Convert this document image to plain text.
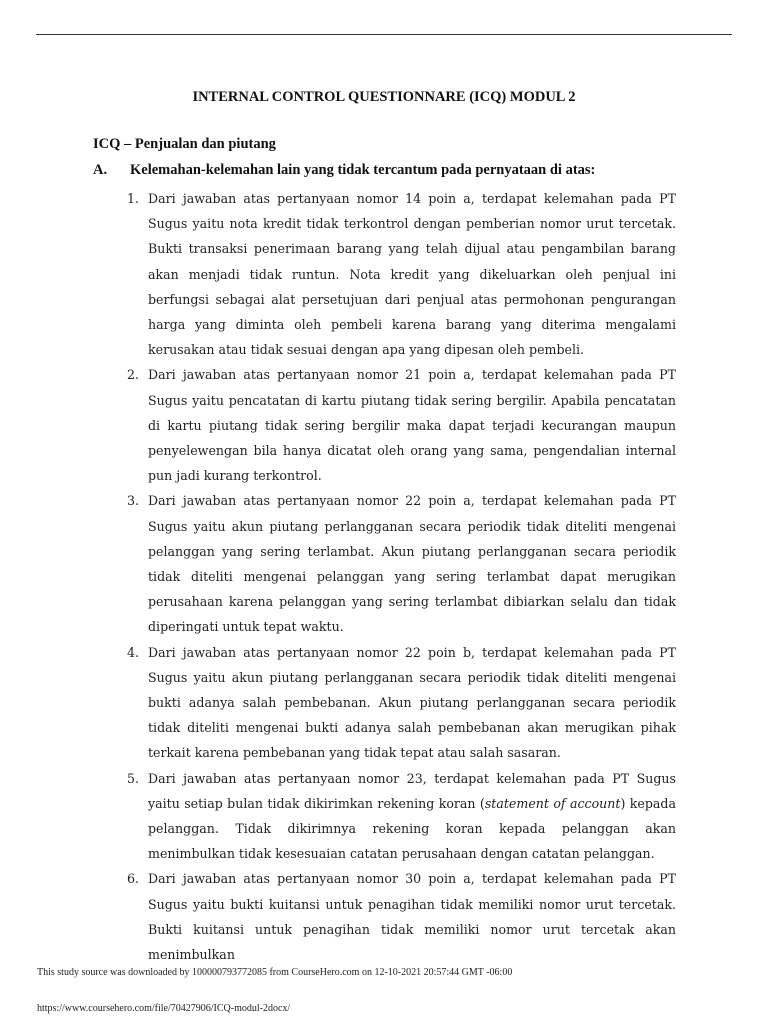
INTERNAL CONTROL QUESTIONNARE (ICQ) MODUL 2
ICQ – Penjualan dan piutang
A. Kelemahan-kelemahan lain yang tidak tercantum pada pernyataan di atas:
1. Dari jawaban atas pertanyaan nomor 14 poin a, terdapat kelemahan pada PT Sugus yaitu nota kredit tidak terkontrol dengan pemberian nomor urut tercetak. Bukti transaksi penerimaan barang yang telah dijual atau pengambilan barang akan menjadi tidak runtun. Nota kredit yang dikeluarkan oleh penjual ini berfungsi sebagai alat persetujuan dari penjual atas permohonan pengurangan harga yang diminta oleh pembeli karena barang yang diterima mengalami kerusakan atau tidak sesuai dengan apa yang dipesan oleh pembeli.
2. Dari jawaban atas pertanyaan nomor 21 poin a, terdapat kelemahan pada PT Sugus yaitu pencatatan di kartu piutang tidak sering bergilir. Apabila pencatatan di kartu piutang tidak sering bergilir maka dapat terjadi kecurangan maupun penyelewengan bila hanya dicatat oleh orang yang sama, pengendalian internal pun jadi kurang terkontrol.
3. Dari jawaban atas pertanyaan nomor 22 poin a, terdapat kelemahan pada PT Sugus yaitu akun piutang perlangganan secara periodik tidak diteliti mengenai pelanggan yang sering terlambat. Akun piutang perlangganan secara periodik tidak diteliti mengenai pelanggan yang sering terlambat dapat merugikan perusahaan karena pelanggan yang sering terlambat dibiarkan selalu dan tidak diperingati untuk tepat waktu.
4. Dari jawaban atas pertanyaan nomor 22 poin b, terdapat kelemahan pada PT Sugus yaitu akun piutang perlangganan secara periodik tidak diteliti mengenai bukti adanya salah pembebanan. Akun piutang perlangganan secara periodik tidak diteliti mengenai bukti adanya salah pembebanan akan merugikan pihak terkait karena pembebanan yang tidak tepat atau salah sasaran.
5. Dari jawaban atas pertanyaan nomor 23, terdapat kelemahan pada PT Sugus yaitu setiap bulan tidak dikirimkan rekening koran (statement of account) kepada pelanggan. Tidak dikirimnya rekening koran kepada pelanggan akan menimbulkan tidak kesesuaian catatan perusahaan dengan catatan pelanggan.
6. Dari jawaban atas pertanyaan nomor 30 poin a, terdapat kelemahan pada PT Sugus yaitu bukti kuitansi untuk penagihan tidak memiliki nomor urut tercetak. Bukti kuitansi untuk penagihan tidak memiliki nomor urut tercetak akan menimbulkan
This study source was downloaded by 100000793772085 from CourseHero.com on 12-10-2021 20:57:44 GMT -06:00
https://www.coursehero.com/file/70427906/ICQ-modul-2docx/
